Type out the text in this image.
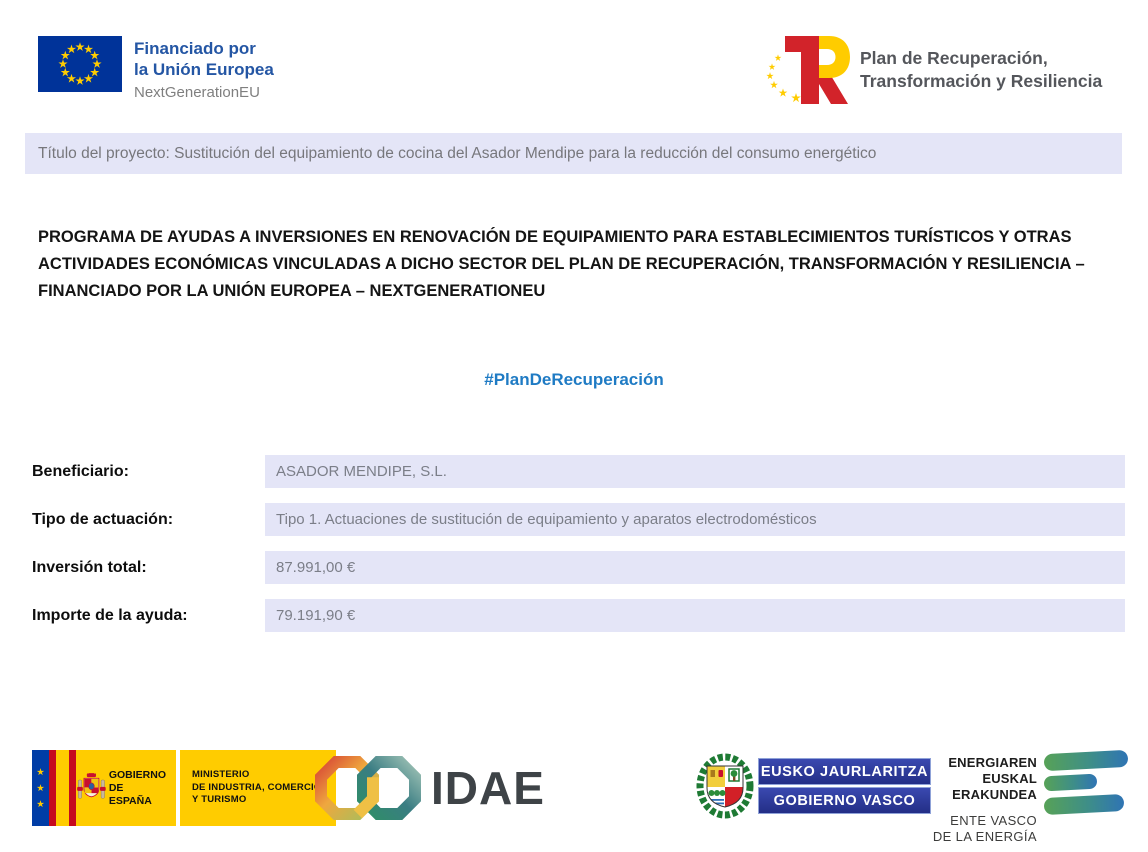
Financiado por
la Unión Europea
NextGenerationEU
Plan de Recuperación,
Transformación y Resiliencia
Título del proyecto: Sustitución del equipamiento de cocina del Asador Mendipe para la reducción del consumo energético
PROGRAMA DE AYUDAS A INVERSIONES EN RENOVACIÓN DE EQUIPAMIENTO PARA ESTABLECIMIENTOS TURÍSTICOS Y OTRAS ACTIVIDADES ECONÓMICAS VINCULADAS A DICHO SECTOR DEL PLAN DE RECUPERACIÓN, TRANSFORMACIÓN Y RESILIENCIA – FINANCIADO POR LA UNIÓN EUROPEA – NEXTGENERATIONEU
#PlanDeRecuperación
Beneficiario:	ASADOR MENDIPE, S.L.
Tipo de actuación:	Tipo 1. Actuaciones de sustitución de equipamiento y aparatos electrodomésticos
Inversión total:	87.991,00 €
Importe de la ayuda:	79.191,90 €
GOBIERNO
DE ESPAÑA
MINISTERIO
DE INDUSTRIA, COMERCIO
Y TURISMO	IDAE	EUSKO JAURLARITZA
GOBIERNO VASCO
ENERGIAREN
EUSKAL ERAKUNDEA
ENTE VASCO
DE LA ENERGÍA
